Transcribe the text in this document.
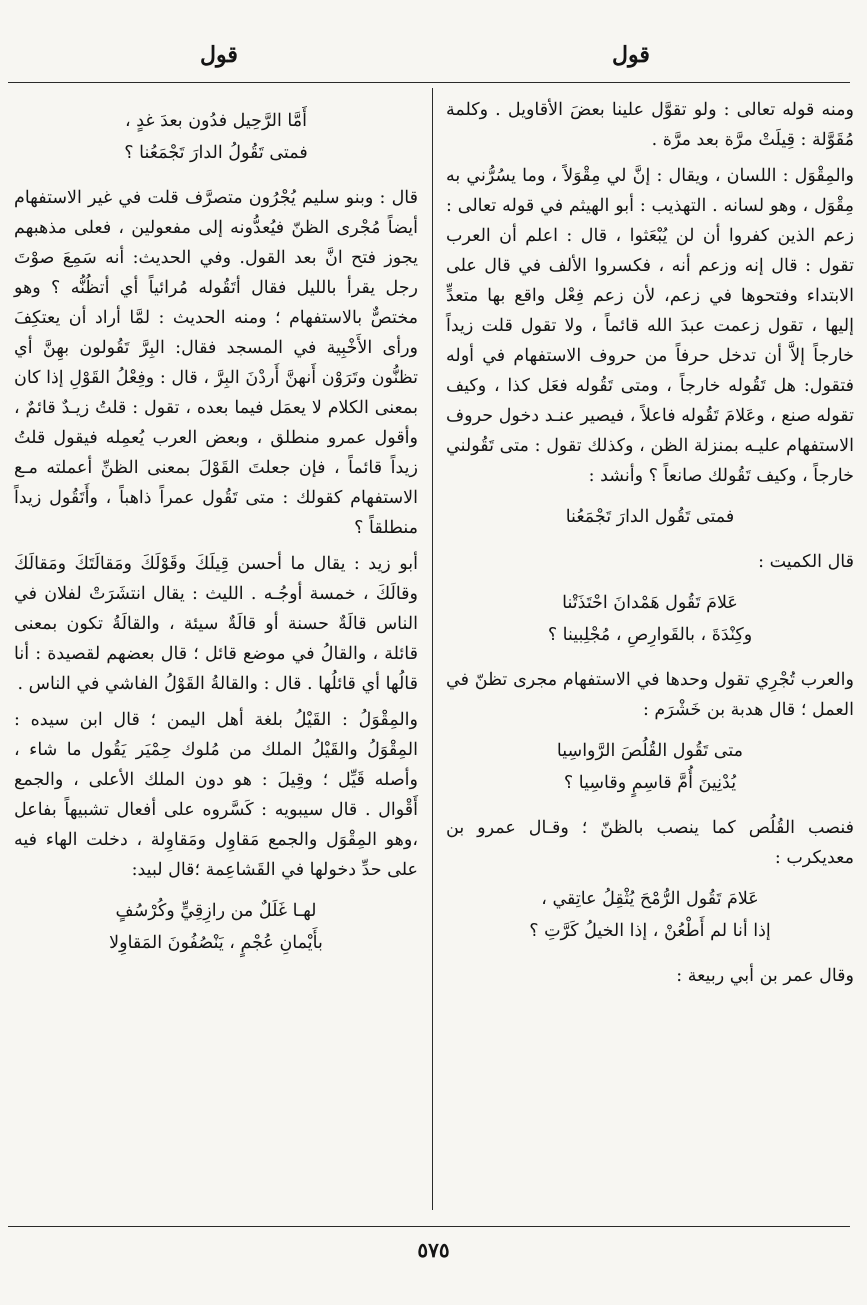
قول
قول

ومنه قوله تعالى : ولو تقوَّل علينا بعضَ الأقاويل . وكلمة مُقَوَّلة : قِيلَتْ مرَّة بعد مرَّة .

والمِقْوَل : اللسان ، ويقال : إنَّ لي مِقْوَلاً ، وما يسُرُّني به مِقْوَل ، وهو لسانه . التهذيب : أبو الهيثم في قوله تعالى : زعم الذين كفروا أن لن يُبْعَثوا ، قال : اعلم أن العرب تقول : قال إنه وزعم أنه ، فكسروا الألف في قال على الابتداء وفتحوها في زعم، لأن زعم فِعْل واقع بها متعدٍّ إليها ، تقول زعمت عبدَ الله قائماً ، ولا تقول قلت زيداً خارجاً إلاَّ أن تدخل حرفاً من حروف الاستفهام في أوله فتقول: هل تَقُوله خارجاً ، ومتى تَقُوله فعَل كذا ، وكيف تقوله صنع ، وعَلامَ تَقُوله فاعلاً ، فيصير عنـد دخول حروف الاستفهام عليـه بمنزلة الظن ، وكذلك تقول : متى تَقُولني خارجاً ، وكيف تَقُولك صانعاً ؟ وأنشد :

فمتى تَقُول الدارَ تَجْمَعُنا

قال الكميت :

عَلامَ تَقُول هَمْدانَ احْتَذَتْنا
وكِنْدَةَ ، بالقَوارِصِ ، مُجْلِبينا ؟

والعرب تُجْرِي تقول وحدها في الاستفهام مجرى تظنّ في العمل ؛ قال هدبة بن خَشْرَم :

متى تَقُول القُلُصَ الرَّواسِيا
يُدْنِينَ أُمَّ قاسِمٍ وقاسِيا ؟

فنصب القُلُص كما ينصب بالظنّ ؛ وقـال عمرو بن معديكرب :

عَلامَ تَقُول الرُّمْحَ يُثْقِلُ عاتِقي ،
إذا أنا لم أَطْعُنْ ، إذا الخيلُ كَرَّتِ ؟

وقال عمر بن أبي ربيعة :

أَمَّا الرَّحِيل فدُون بعدَ غدٍ ،
فمتى تَقُولُ الدارَ تَجْمَعُنا ؟

قال : وبنو سليم يُجْرُون متصرَّف قلت في غير الاستفهام أيضاً مُجْرى الظنّ فيُعدُّونه إلى مفعولين ، فعلى مذهبهم يجوز فتح انَّ بعد القول. وفي الحديث: أنه سَمِعَ صوْتَ رجل يقرأ بالليل فقال أتَقُوله مُرائياً أي أتظُنُّه ؟ وهو مختصٌّ بالاستفهام ؛ ومنه الحديث : لمَّا أراد أن يعتكِفَ ورأى الأَخْبِية في المسجد فقال: البِرَّ تَقُولون بهِنَّ أي تظنُّون وتَرَوْن أَنهنَّ أَردْنَ البِرَّ ، قال : وفِعْلُ القَوْلِ إذا كان بمعنى الكلام لا يعمَل فيما بعده ، تقول : قلتُ زيـدٌ قائمٌ ، وأقول عمرو منطلق ، وبعض العرب يُعمِله فيقول قلتُ زيداً قائماً ، فإن جعلتَ القَوْلَ بمعنى الظنِّ أعملته مـع الاستفهام كقولك : متى تَقُول عمراً ذاهباً ، وأَتَقُول زيداً منطلقاً ؟

أبو زيد : يقال ما أحسن قِيلَكَ وقَوْلَكَ ومَقالَتَكَ ومَقالَكَ وقالَكَ ، خمسة أوجُـه . الليث : يقال انتشَرَتْ لفلان في الناس قالَةٌ حسنة أو قالَةٌ سيئة ، والقالَةُ تكون بمعنى قائلة ، والقالُ في موضع قائل ؛ قال بعضهم لقصيدة : أنا قالُها أي قائلُها . قال : والقالةُ القَوْلُ الفاشي في الناس .

والمِقْوَلُ : القَيْلُ بلغة أهل اليمن ؛ قال ابن سيده : المِقْوَلُ والقَيْلُ الملك من مُلوك حِمْيَر يَقُول ما شاء ، وأصله قَيِّل ؛ وقِيلَ : هو دون الملك الأعلى ، والجمع أَقْوال . قال سيبويه : كَسَّروه على أفعال تشبيهاً بفاعل ،وهو المِقْوَل والجمع مَقاوِل ومَقاوِلة ، دخلت الهاء فيه على حدِّ دخولها في القَشاعِمة ؛قال لبيد:

لهـا غَلَلٌ من رازِقِيٍّ وكُرْسُفٍ
بأَيْمانِ عُجْمٍ ، يَنْصُفُونَ المَقاوِلا
٥٧٥
